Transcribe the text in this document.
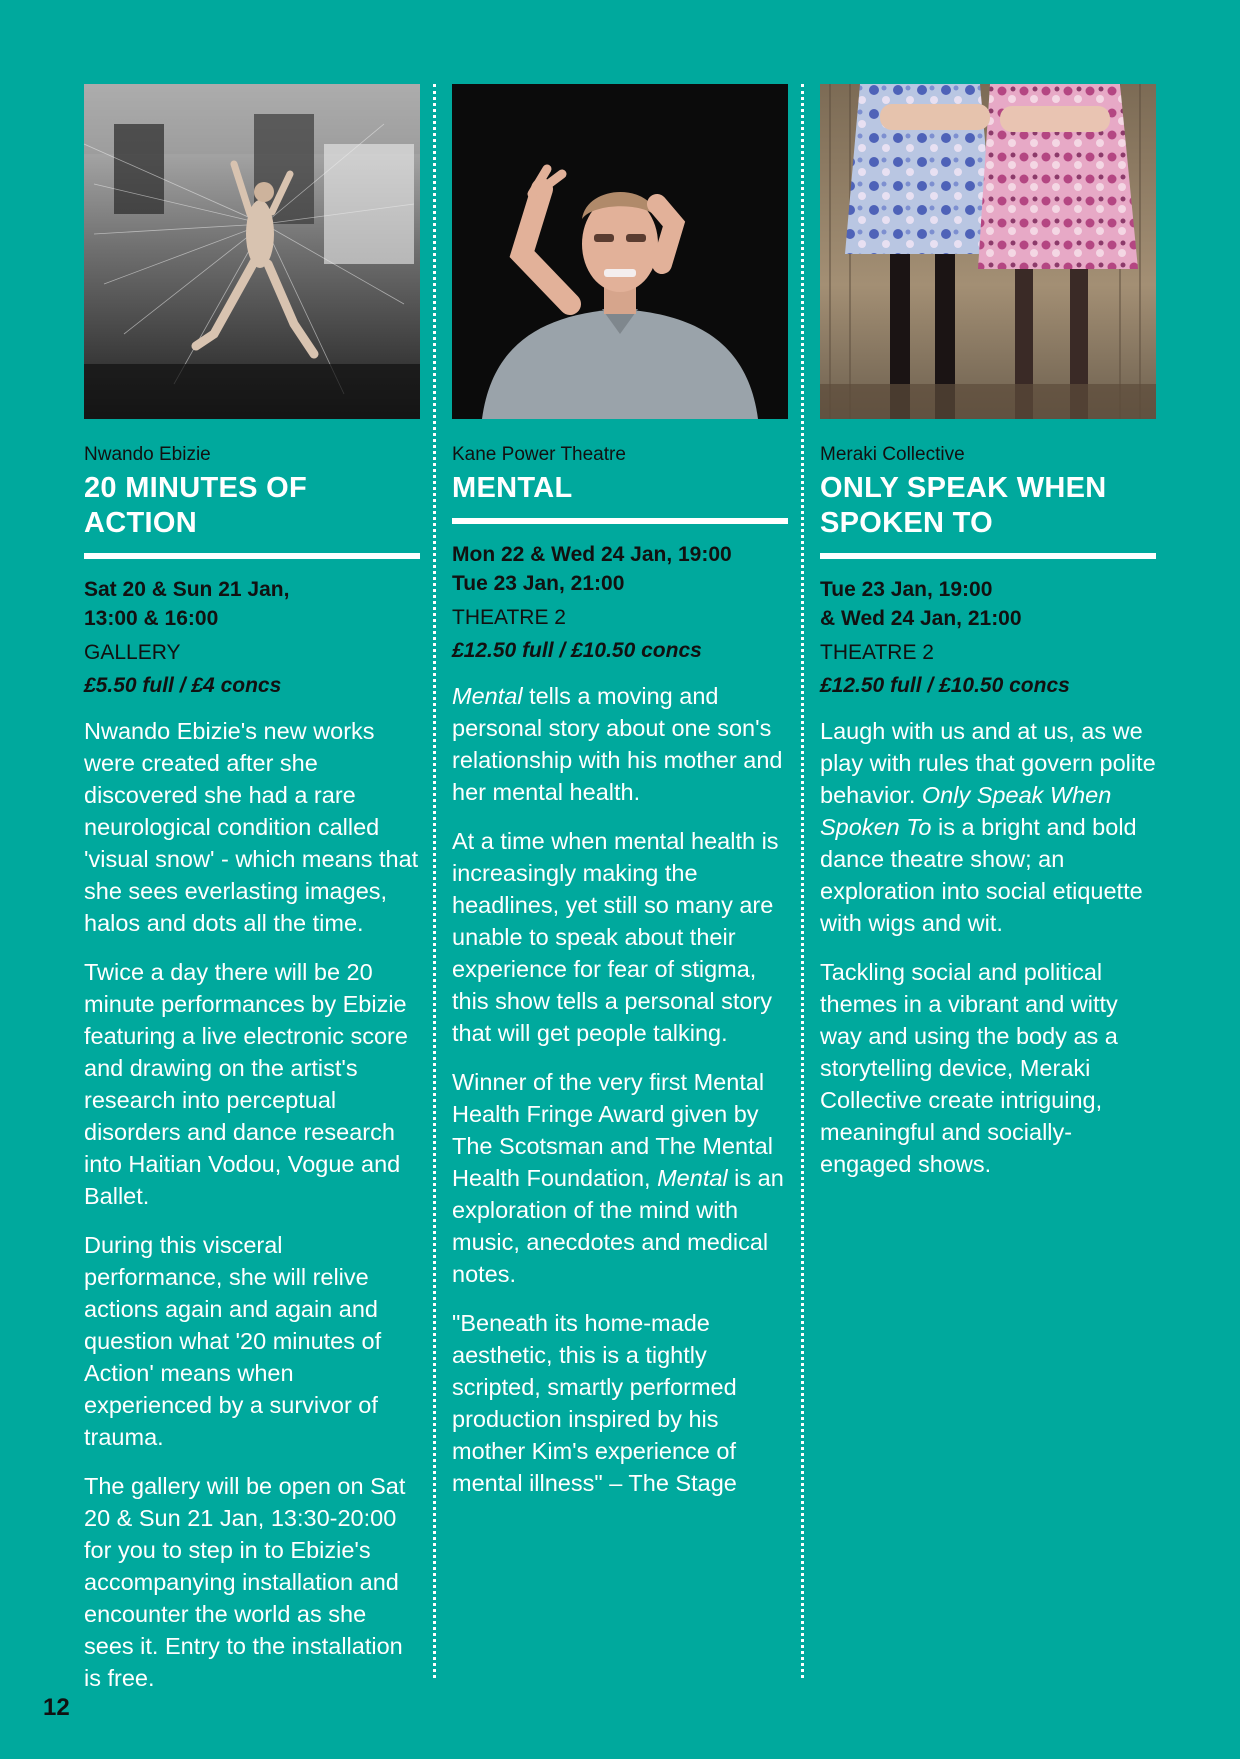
Nwando Ebizie
20 MINUTES OF ACTION
Sat 20 & Sun 21 Jan,
13:00 & 16:00
GALLERY
£5.50 full / £4 concs

Nwando Ebizie's new works were created after she discovered she had a rare neurological condition called 'visual snow' - which means that she sees everlasting images, halos and dots all the time.

Twice a day there will be 20 minute performances by Ebizie featuring a live electronic score and drawing on the artist's research into perceptual disorders and dance research into Haitian Vodou, Vogue and Ballet.

During this visceral performance, she will relive actions again and again and question what '20 minutes of Action' means when experienced by a survivor of trauma.

The gallery will be open on Sat 20 & Sun 21 Jan, 13:30-20:00 for you to step in to Ebizie's accompanying installation and encounter the world as she sees it. Entry to the installation is free.

Kane Power Theatre
MENTAL
Mon 22 & Wed 24 Jan, 19:00
Tue 23 Jan, 21:00
THEATRE 2
£12.50 full / £10.50 concs

Mental tells a moving and personal story about one son's relationship with his mother and her mental health.

At a time when mental health is increasingly making the headlines, yet still so many are unable to speak about their experience for fear of stigma, this show tells a personal story that will get people talking.

Winner of the very first Mental Health Fringe Award given by The Scotsman and The Mental Health Foundation, Mental is an exploration of the mind with music, anecdotes and medical notes.

"Beneath its home-made aesthetic, this is a tightly scripted, smartly performed production inspired by his mother Kim's experience of mental illness" – The Stage

Meraki Collective
ONLY SPEAK WHEN SPOKEN TO
Tue 23 Jan, 19:00
& Wed 24 Jan, 21:00
THEATRE 2
£12.50 full / £10.50 concs

Laugh with us and at us, as we play with rules that govern polite behavior. Only Speak When Spoken To is a bright and bold dance theatre show; an exploration into social etiquette with wigs and wit.

Tackling social and political themes in a vibrant and witty way and using the body as a storytelling device, Meraki Collective create intriguing, meaningful and socially-engaged shows.

12
